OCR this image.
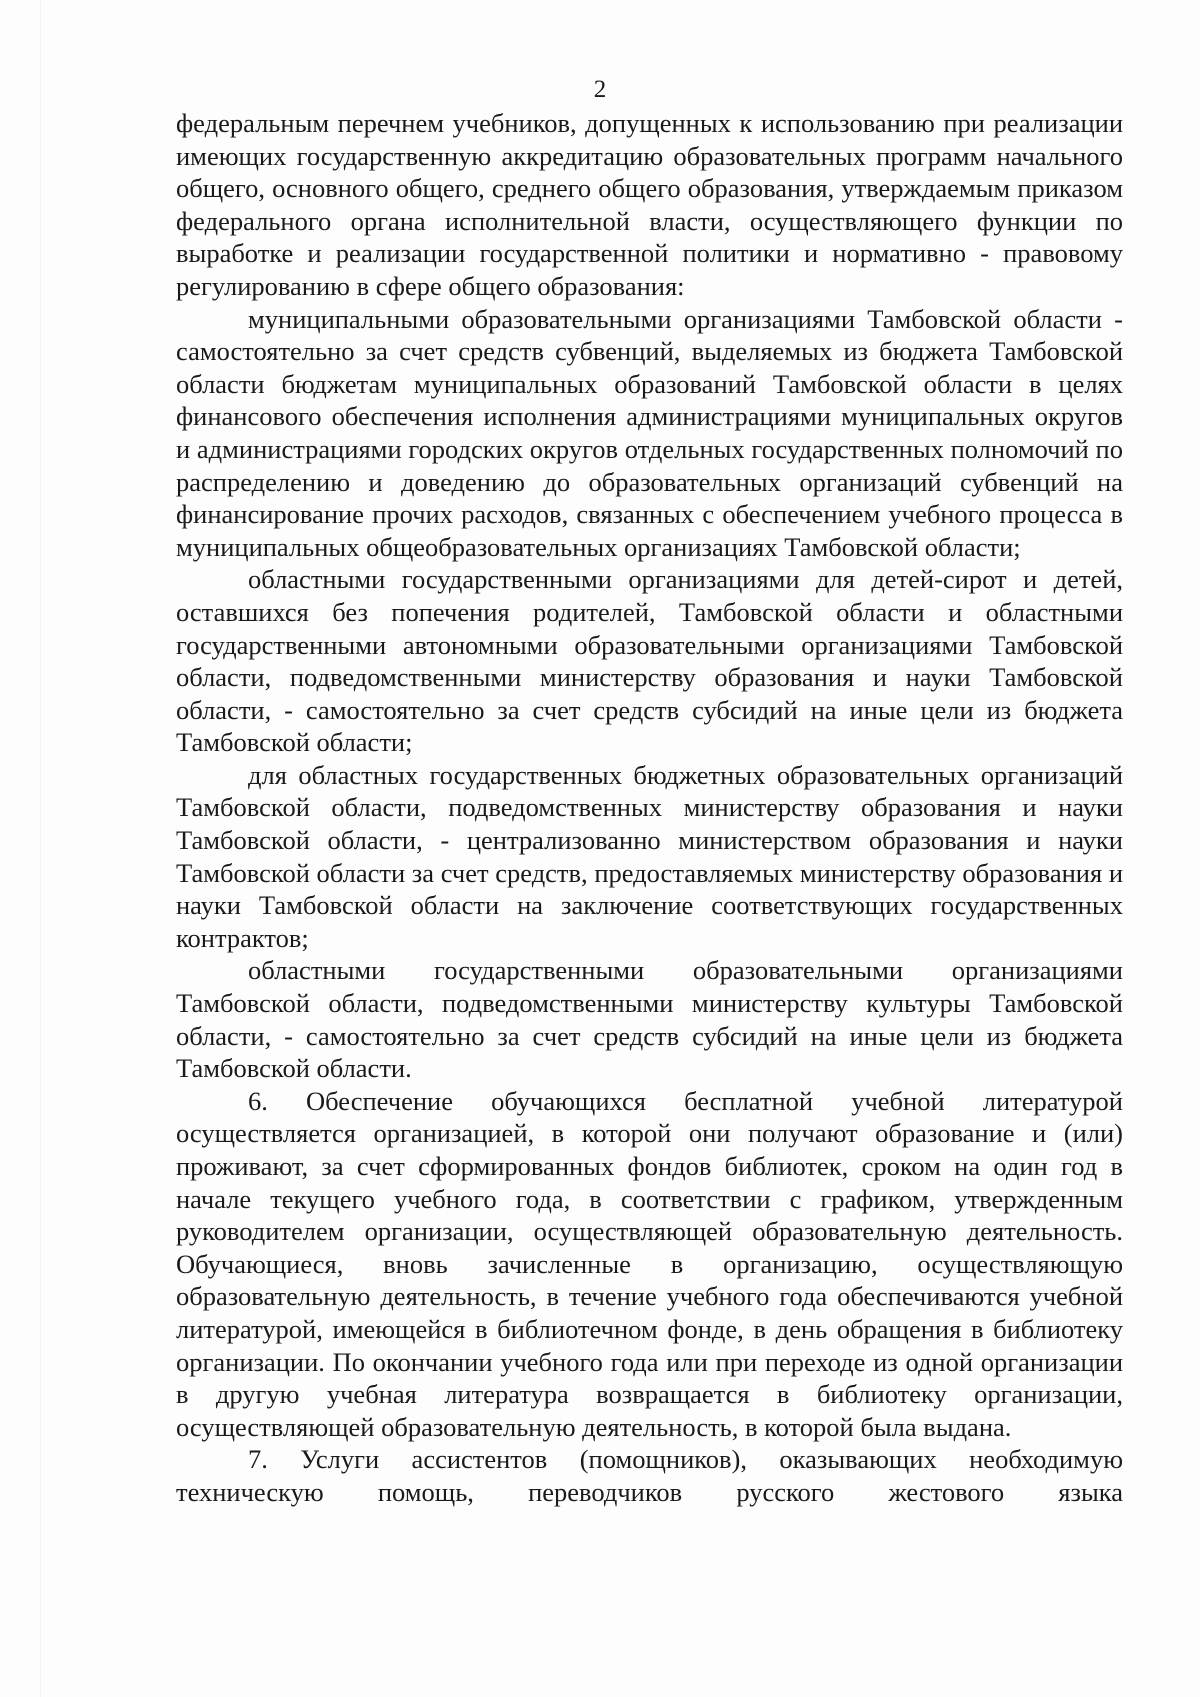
2

федеральным перечнем учебников, допущенных к использованию при реализации имеющих государственную аккредитацию образовательных программ начального общего, основного общего, среднего общего образования, утверждаемым приказом федерального органа исполнительной власти, осуществляющего функции по выработке и реализации государственной политики и нормативно - правовому регулированию в сфере общего образования:

муниципальными образовательными организациями Тамбовской области - самостоятельно за счет средств субвенций, выделяемых из бюджета Тамбовской области бюджетам муниципальных образований Тамбовской области в целях финансового обеспечения исполнения администрациями муниципальных округов и администрациями городских округов отдельных государственных полномочий по распределению и доведению до образовательных организаций субвенций на финансирование прочих расходов, связанных с обеспечением учебного процесса в муниципальных общеобразовательных организациях Тамбовской области;

областными государственными организациями для детей-сирот и детей, оставшихся без попечения родителей, Тамбовской области и областными государственными автономными образовательными организациями Тамбовской области, подведомственными министерству образования и науки Тамбовской области, - самостоятельно за счет средств субсидий на иные цели из бюджета Тамбовской области;

для областных государственных бюджетных образовательных организаций Тамбовской области, подведомственных министерству образования и науки Тамбовской области, - централизованно министерством образования и науки Тамбовской области за счет средств, предоставляемых министерству образования и науки Тамбовской области на заключение соответствующих государственных контрактов;

областными государственными образовательными организациями Тамбовской области, подведомственными министерству культуры Тамбовской области, - самостоятельно за счет средств субсидий на иные цели из бюджета Тамбовской области.

6. Обеспечение обучающихся бесплатной учебной литературой осуществляется организацией, в которой они получают образование и (или) проживают, за счет сформированных фондов библиотек, сроком на один год в начале текущего учебного года, в соответствии с графиком, утвержденным руководителем организации, осуществляющей образовательную деятельность. Обучающиеся, вновь зачисленные в организацию, осуществляющую образовательную деятельность, в течение учебного года обеспечиваются учебной литературой, имеющейся в библиотечном фонде, в день обращения в библиотеку организации. По окончании учебного года или при переходе из одной организации в другую учебная литература возвращается в библиотеку организации, осуществляющей образовательную деятельность, в которой была выдана.

7. Услуги ассистентов (помощников), оказывающих необходимую техническую помощь, переводчиков русского жестового языка
